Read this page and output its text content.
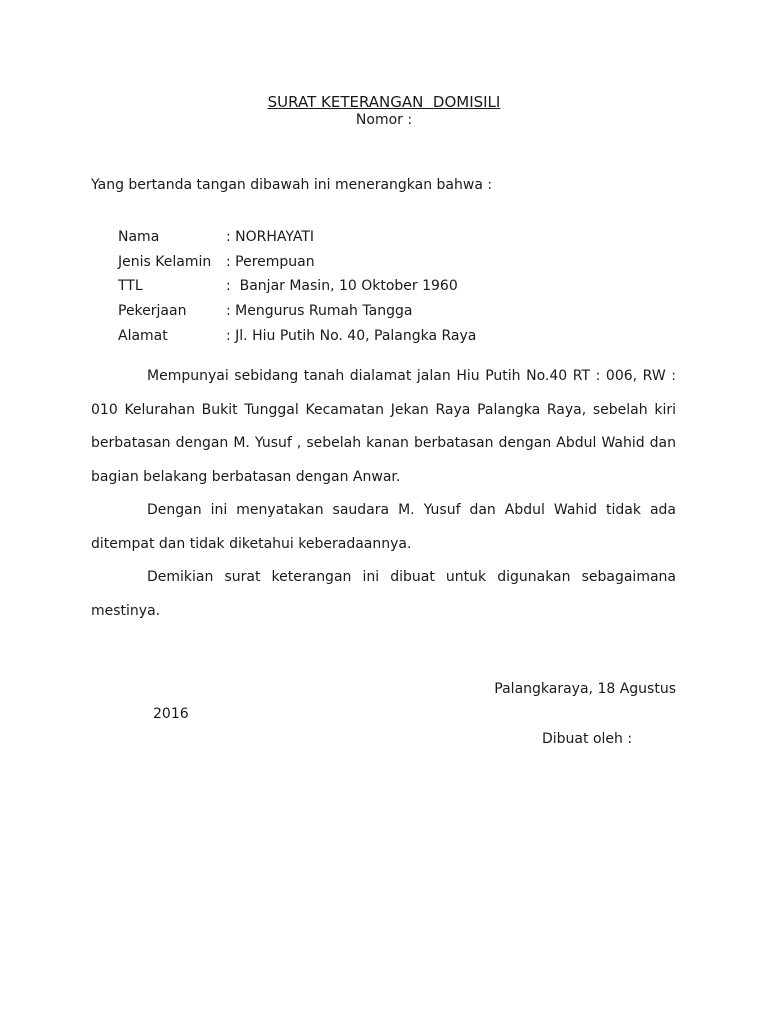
SURAT KETERANGAN  DOMISILI
Nomor :
Yang bertanda tangan dibawah ini menerangkan bahwa :
Nama	: NORHAYATI
Jenis Kelamin	: Perempuan
TTL	:  Banjar Masin, 10 Oktober 1960
Pekerjaan	: Mengurus Rumah Tangga
Alamat	: Jl. Hiu Putih No. 40, Palangka Raya

Mempunyai sebidang tanah dialamat jalan Hiu Putih No.40 RT : 006, RW : 010 Kelurahan Bukit Tunggal Kecamatan Jekan Raya Palangka Raya, sebelah kiri berbatasan dengan M. Yusuf , sebelah kanan berbatasan dengan Abdul Wahid dan bagian belakang berbatasan dengan Anwar.

Dengan ini menyatakan saudara M. Yusuf dan Abdul Wahid tidak ada ditempat dan tidak diketahui keberadaannya.

Demikian surat keterangan ini dibuat untuk digunakan sebagaimana mestinya.

Palangkaraya, 18 Agustus
2016
Dibuat oleh :
